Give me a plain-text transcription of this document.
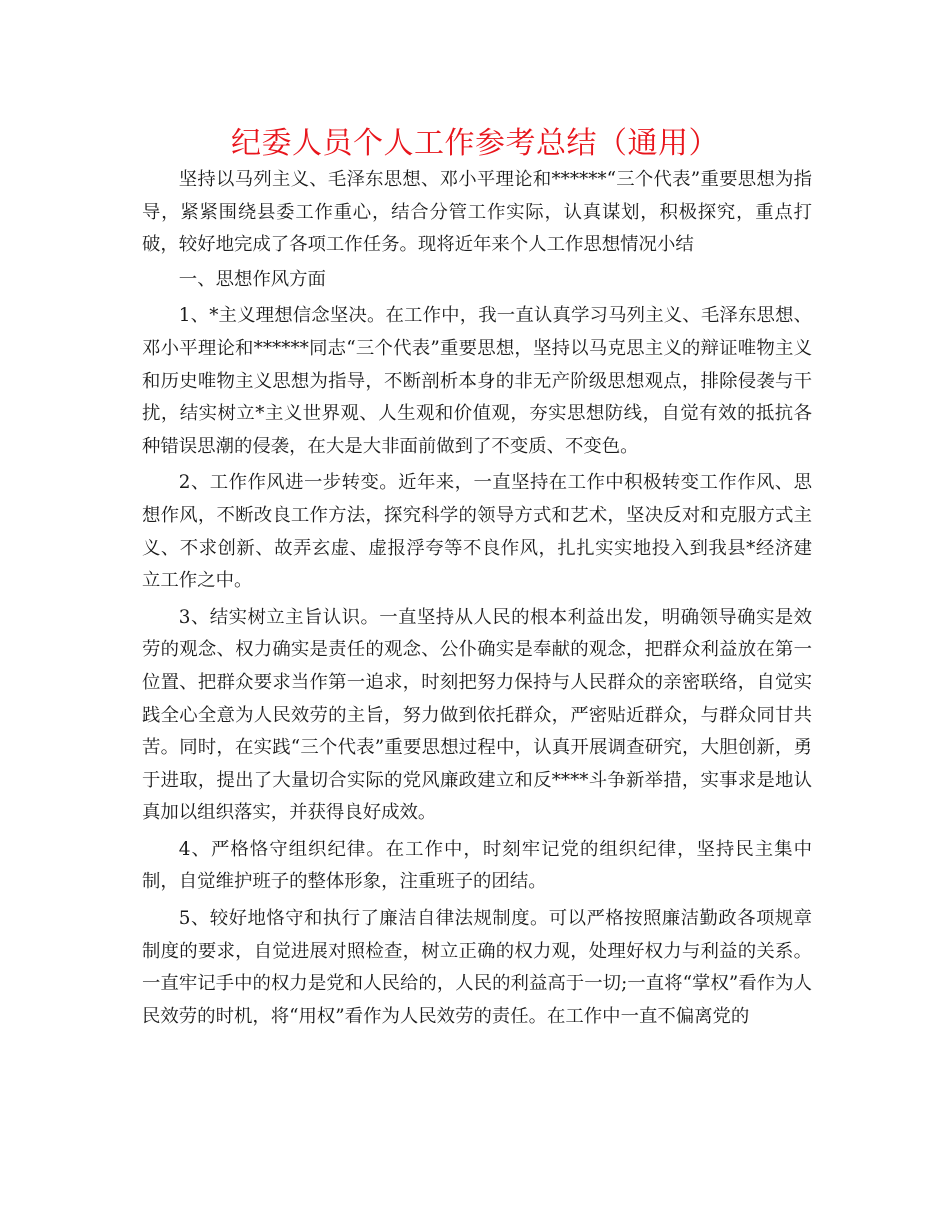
纪委人员个人工作参考总结（通用）

坚持以马列主义、毛泽东思想、邓小平理论和******“三个代表”重要思想为指导，紧紧围绕县委工作重心，结合分管工作实际，认真谋划，积极探究，重点打破，较好地完成了各项工作任务。现将近年来个人工作思想情况小结

一、思想作风方面

1、*主义理想信念坚决。在工作中，我一直认真学习马列主义、毛泽东思想、邓小平理论和******同志“三个代表”重要思想，坚持以马克思主义的辩证唯物主义和历史唯物主义思想为指导，不断剖析本身的非无产阶级思想观点，排除侵袭与干扰，结实树立*主义世界观、人生观和价值观，夯实思想防线，自觉有效的抵抗各种错误思潮的侵袭，在大是大非面前做到了不变质、不变色。

2、工作作风进一步转变。近年来，一直坚持在工作中积极转变工作作风、思想作风，不断改良工作方法，探究科学的领导方式和艺术，坚决反对和克服方式主义、不求创新、故弄玄虚、虚报浮夸等不良作风，扎扎实实地投入到我县*经济建立工作之中。

3、结实树立主旨认识。一直坚持从人民的根本利益出发，明确领导确实是效劳的观念、权力确实是责任的观念、公仆确实是奉献的观念，把群众利益放在第一位置、把群众要求当作第一追求，时刻把努力保持与人民群众的亲密联络，自觉实践全心全意为人民效劳的主旨，努力做到依托群众，严密贴近群众，与群众同甘共苦。同时，在实践“三个代表”重要思想过程中，认真开展调查研究，大胆创新，勇于进取，提出了大量切合实际的党风廉政建立和反****斗争新举措，实事求是地认真加以组织落实，并获得良好成效。

4、严格恪守组织纪律。在工作中，时刻牢记党的组织纪律，坚持民主集中制，自觉维护班子的整体形象，注重班子的团结。

5、较好地恪守和执行了廉洁自律法规制度。可以严格按照廉洁勤政各项规章制度的要求，自觉进展对照检查，树立正确的权力观，处理好权力与利益的关系。一直牢记手中的权力是党和人民给的，人民的利益高于一切;一直将“掌权”看作为人民效劳的时机，将“用权”看作为人民效劳的责任。在工作中一直不偏离党的
